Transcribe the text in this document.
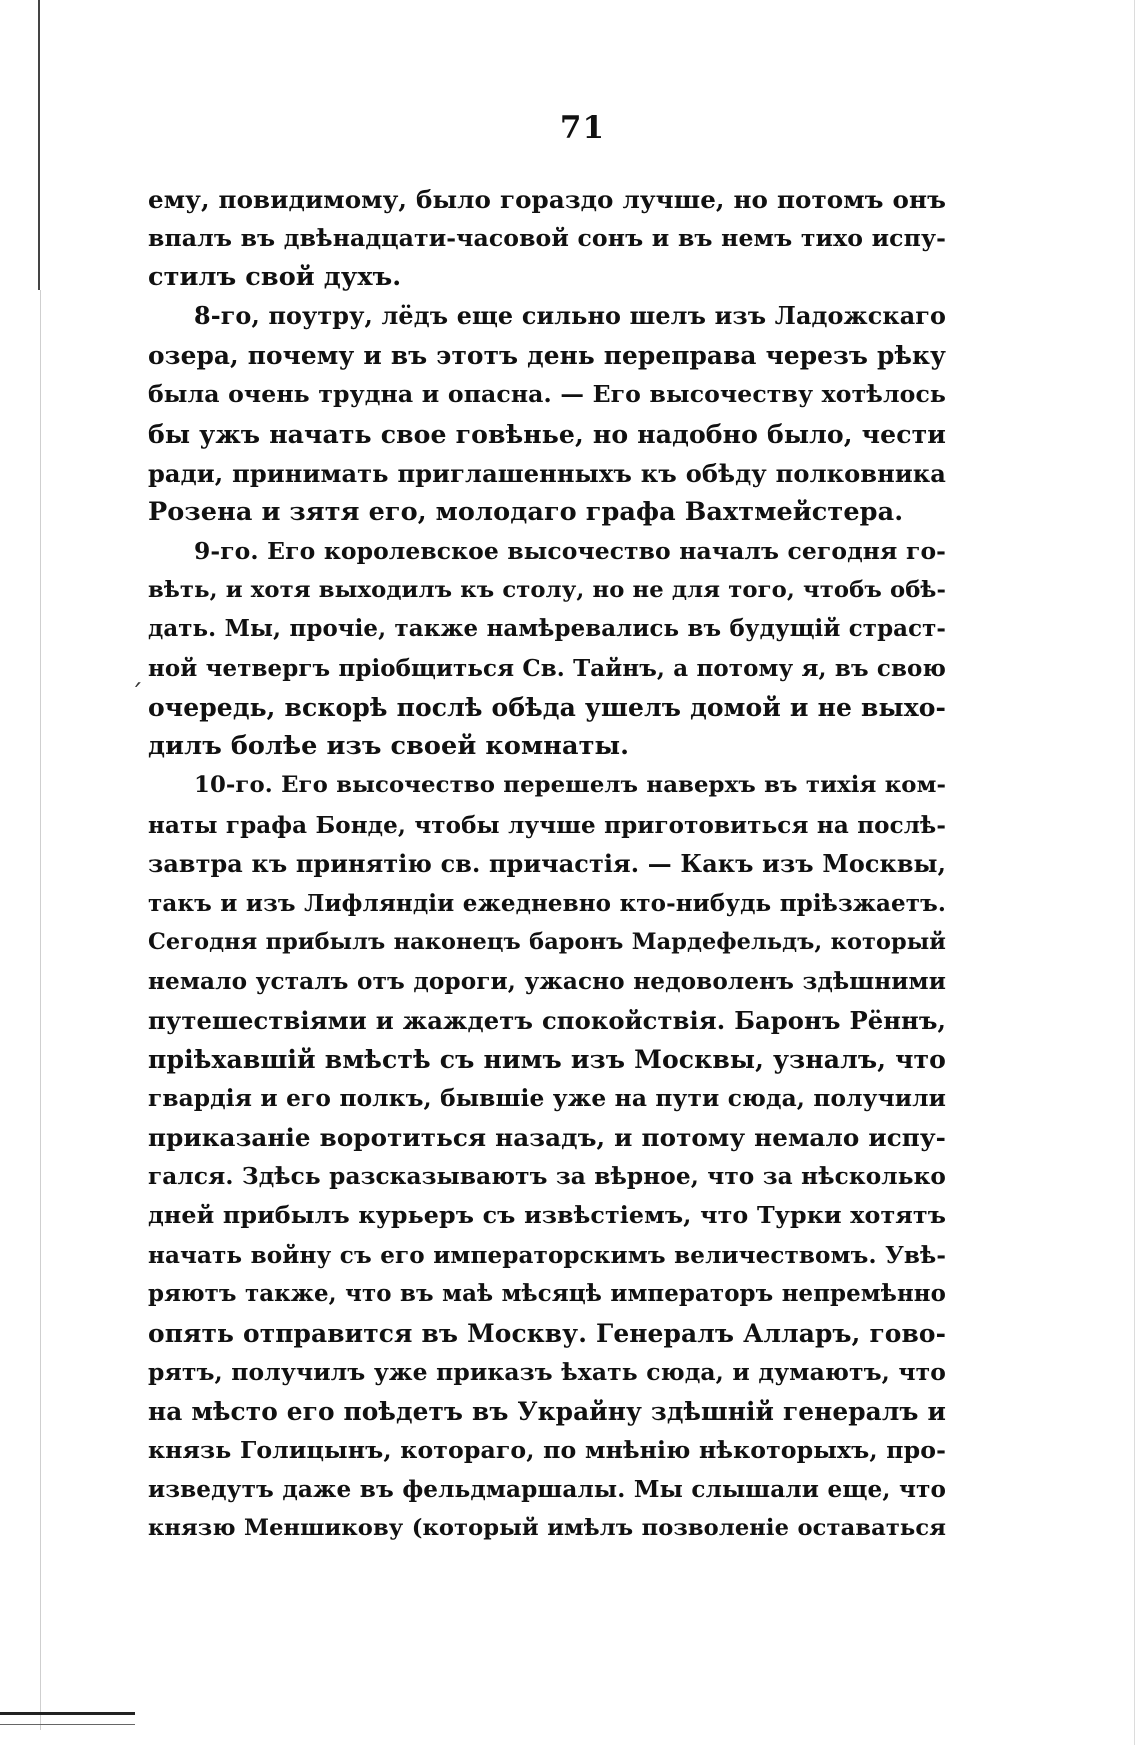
ˊ
71
ему, повидимому, было гораздо лучше, но потомъ онъ
впалъ въ двѣнадцати-часовой сонъ и въ немъ тихо испу-
стилъ свой духъ.
8-го, поутру, лёдъ еще сильно шелъ изъ Ладожскаго
озера, почему и въ этотъ день переправа черезъ рѣку
была очень трудна и опасна. — Его высочеству хотѣлось
бы ужъ начать свое говѣнье, но надобно было, чести
ради, принимать приглашенныхъ къ обѣду полковника
Розена и зятя его, молодаго графа Вахтмейстера.
9-го. Его королевское высочество началъ сегодня го-
вѣть, и хотя выходилъ къ столу, но не для того, чтобъ обѣ-
дать. Мы, прочіе, также намѣревались въ будущій страст-
ной четвергъ пріобщиться Св. Тайнъ, а потому я, въ свою
очередь, вскорѣ послѣ обѣда ушелъ домой и не выхо-
дилъ болѣе изъ своей комнаты.
10-го. Его высочество перешелъ наверхъ въ тихія ком-
наты графа Бонде, чтобы лучше приготовиться на послѣ-
завтра къ принятію св. причастія. — Какъ изъ Москвы,
такъ и изъ Лифляндіи ежедневно кто-нибудь пріѣзжаетъ.
Сегодня прибылъ наконецъ баронъ Мардефельдъ, который
немало усталъ отъ дороги, ужасно недоволенъ здѣшними
путешествіями и жаждетъ спокойствія. Баронъ Рённъ,
пріѣхавшій вмѣстѣ съ нимъ изъ Москвы, узналъ, что
гвардія и его полкъ, бывшіе уже на пути сюда, получили
приказаніе воротиться назадъ, и потому немало испу-
гался. Здѣсь разсказываютъ за вѣрное, что за нѣсколько
дней прибылъ курьеръ съ извѣстіемъ, что Турки хотятъ
начать войну съ его императорскимъ величествомъ. Увѣ-
ряютъ также, что въ маѣ мѣсяцѣ императоръ непремѣнно
опять отправится въ Москву. Генералъ Алларъ, гово-
рятъ, получилъ уже приказъ ѣхать сюда, и думаютъ, что
на мѣсто его поѣдетъ въ Украйну здѣшній генералъ и
князь Голицынъ, котораго, по мнѣнію нѣкоторыхъ, про-
изведутъ даже въ фельдмаршалы. Мы слышали еще, что
князю Меншикову (который имѣлъ позволеніе оставаться
